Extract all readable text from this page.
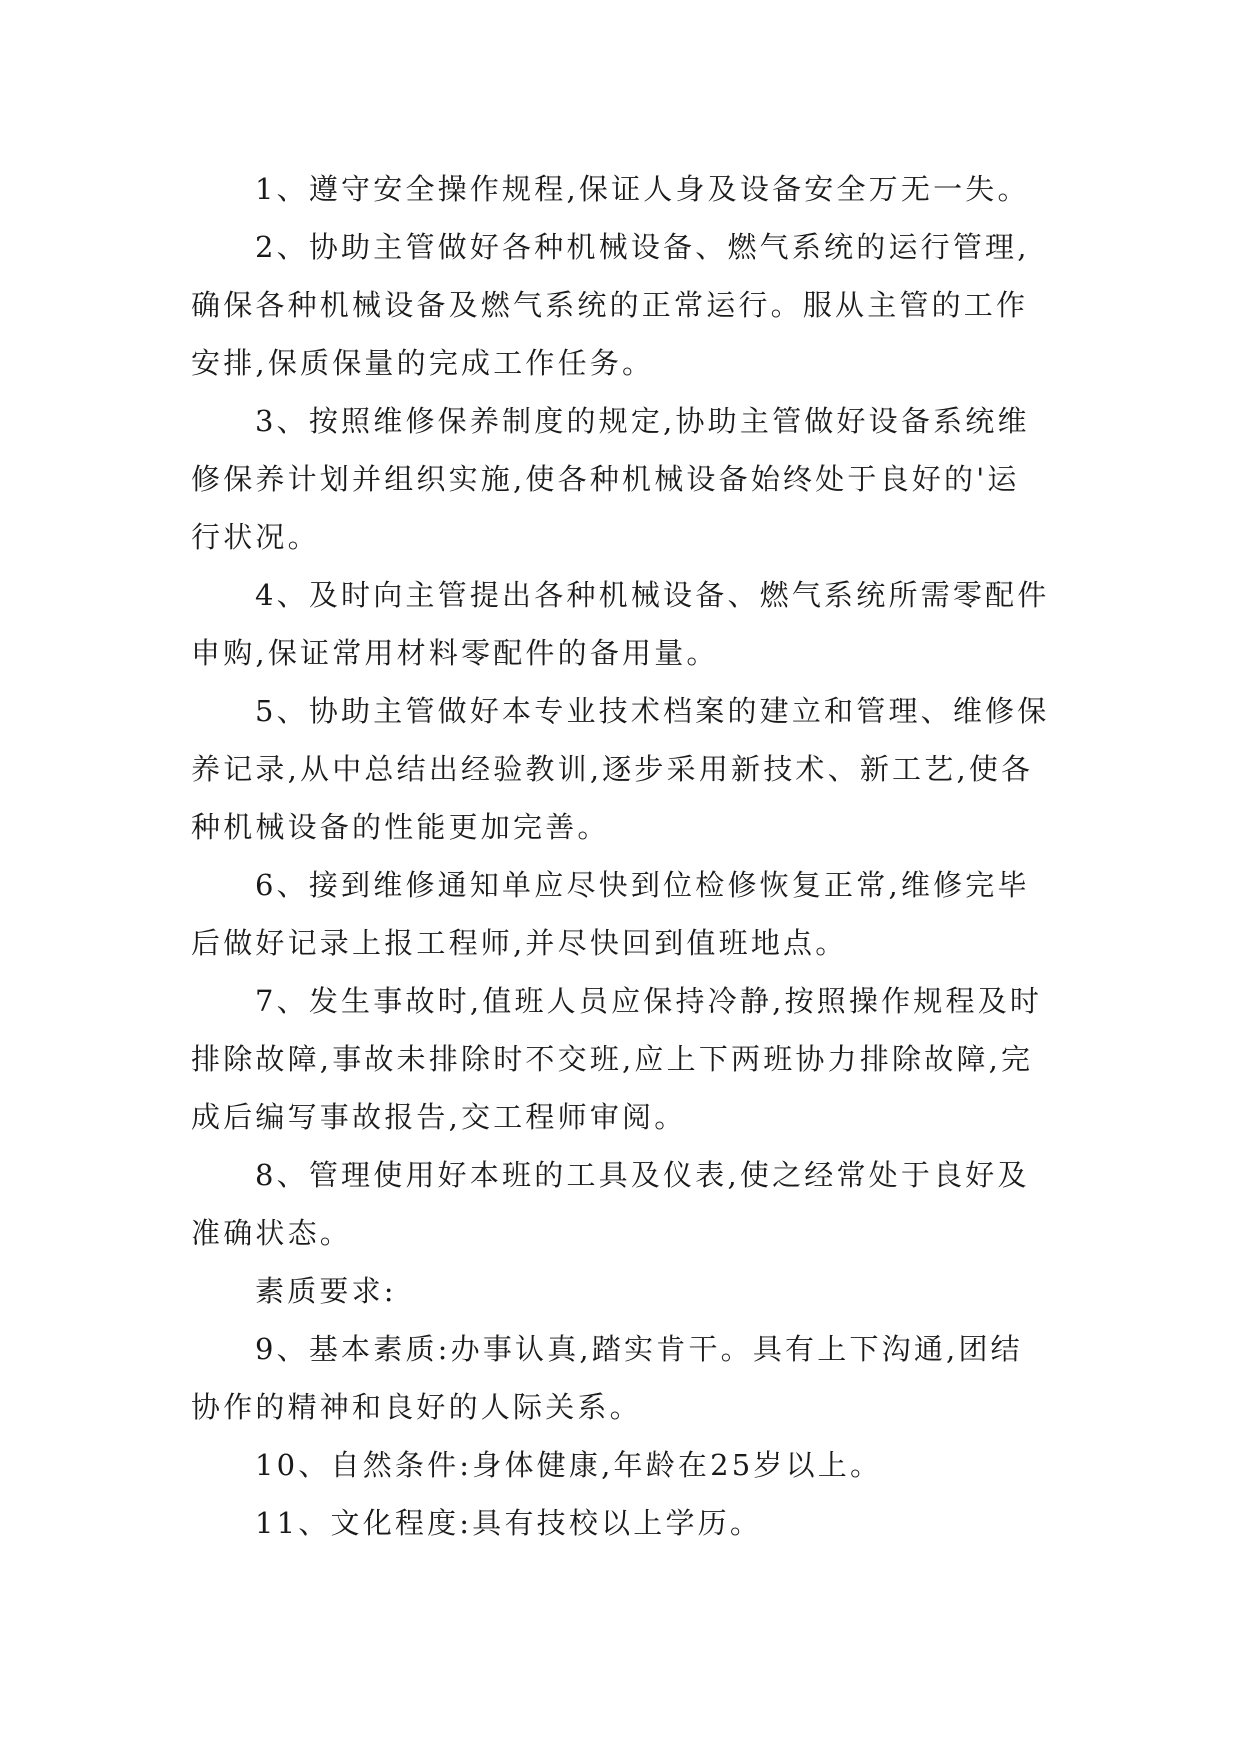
1、遵守安全操作规程,保证人身及设备安全万无一失。

2、协助主管做好各种机械设备、燃气系统的运行管理,确保各种机械设备及燃气系统的正常运行。服从主管的工作安排,保质保量的完成工作任务。

3、按照维修保养制度的规定,协助主管做好设备系统维修保养计划并组织实施,使各种机械设备始终处于良好的'运行状况。

4、及时向主管提出各种机械设备、燃气系统所需零配件申购,保证常用材料零配件的备用量。

5、协助主管做好本专业技术档案的建立和管理、维修保养记录,从中总结出经验教训,逐步采用新技术、新工艺,使各种机械设备的性能更加完善。

6、接到维修通知单应尽快到位检修恢复正常,维修完毕后做好记录上报工程师,并尽快回到值班地点。

7、发生事故时,值班人员应保持冷静,按照操作规程及时排除故障,事故未排除时不交班,应上下两班协力排除故障,完成后编写事故报告,交工程师审阅。

8、管理使用好本班的工具及仪表,使之经常处于良好及准确状态。

素质要求:

9、基本素质:办事认真,踏实肯干。具有上下沟通,团结协作的精神和良好的人际关系。

10、自然条件:身体健康,年龄在25岁以上。

11、文化程度:具有技校以上学历。
